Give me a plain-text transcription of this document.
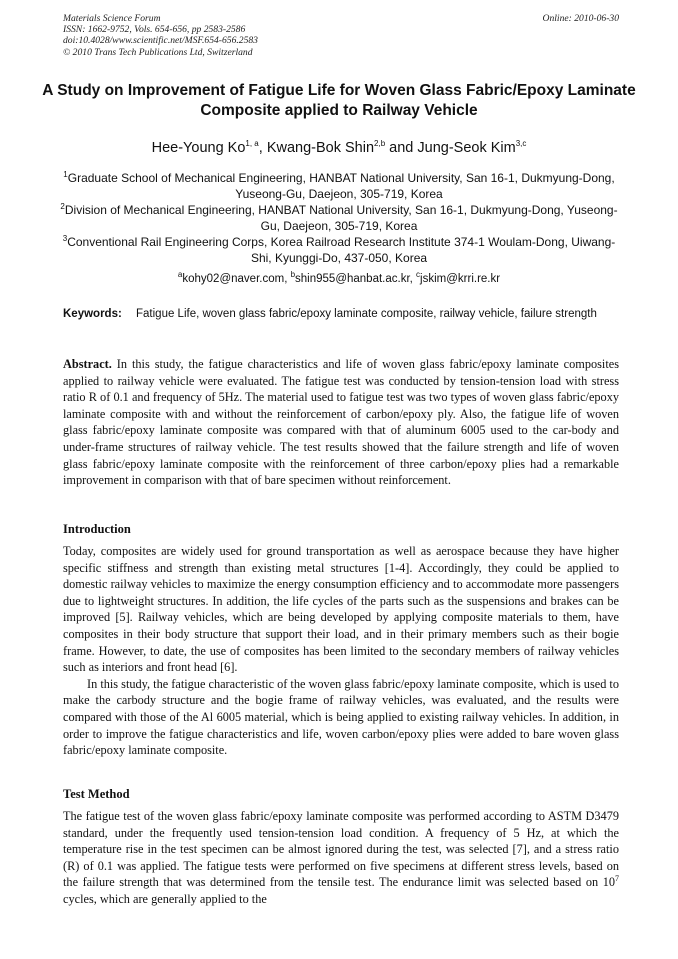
Materials Science Forum
ISSN: 1662-9752, Vols. 654-656, pp 2583-2586
doi:10.4028/www.scientific.net/MSF.654-656.2583
© 2010 Trans Tech Publications Ltd, Switzerland
Online: 2010-06-30
A Study on Improvement of Fatigue Life for Woven Glass Fabric/Epoxy Laminate Composite applied to Railway Vehicle
Hee-Young Ko$^{1, a}$, Kwang-Bok Shin$^{2,b}$ and Jung-Seok Kim$^{3,c}$
$^1$Graduate School of Mechanical Engineering, HANBAT National University, San 16-1, Dukmyung-Dong, Yuseong-Gu, Daejeon, 305-719, Korea
$^2$Division of Mechanical Engineering, HANBAT National University, San 16-1, Dukmyung-Dong, Yuseong-Gu, Daejeon, 305-719, Korea
$^3$Conventional Rail Engineering Corps, Korea Railroad Research Institute 374-1 Woulam-Dong, Uiwang-Shi, Kyunggi-Do, 437-050, Korea
$^a$kohy02@naver.com, $^b$shin955@hanbat.ac.kr, $^c$jskim@krri.re.kr
Keywords: Fatigue Life, woven glass fabric/epoxy laminate composite, railway vehicle, failure strength
Abstract. In this study, the fatigue characteristics and life of woven glass fabric/epoxy laminate composites applied to railway vehicle were evaluated. The fatigue test was conducted by tension-tension load with stress ratio R of 0.1 and frequency of 5Hz. The material used to fatigue test was two types of woven glass fabric/epoxy laminate composite with and without the reinforcement of carbon/epoxy ply. Also, the fatigue life of woven glass fabric/epoxy laminate composite was compared with that of aluminum 6005 used to the car-body and under-frame structures of railway vehicle. The test results showed that the failure strength and life of woven glass fabric/epoxy laminate composite with the reinforcement of three carbon/epoxy plies had a remarkable improvement in comparison with that of bare specimen without reinforcement.
Introduction

Today, composites are widely used for ground transportation as well as aerospace because they have higher specific stiffness and strength than existing metal structures [1-4]. Accordingly, they could be applied to domestic railway vehicles to maximize the energy consumption efficiency and to accommodate more passengers due to lightweight structures. In addition, the life cycles of the parts such as the suspensions and brakes can be improved [5]. Railway vehicles, which are being developed by applying composite materials to them, have composites in their body structure that support their load, and in their primary members such as their bogie frame. However, to date, the use of composites has been limited to the secondary members of railway vehicles such as interiors and front head [6].

In this study, the fatigue characteristic of the woven glass fabric/epoxy laminate composite, which is used to make the carbody structure and the bogie frame of railway vehicles, was evaluated, and the results were compared with those of the Al 6005 material, which is being applied to existing railway vehicles. In addition, in order to improve the fatigue characteristics and life, woven carbon/epoxy plies were added to bare woven glass fabric/epoxy laminate composite.

Test Method
The fatigue test of the woven glass fabric/epoxy laminate composite was performed according to ASTM D3479 standard, under the frequently used tension-tension load condition. A frequency of 5 Hz, at which the temperature rise in the test specimen can be almost ignored during the test, was selected [7], and a stress ratio (R) of 0.1 was applied. The fatigue tests were performed on five specimens at different stress levels, based on the failure strength that was determined from the tensile test. The endurance limit was selected based on $10^7$ cycles, which are generally applied to the
